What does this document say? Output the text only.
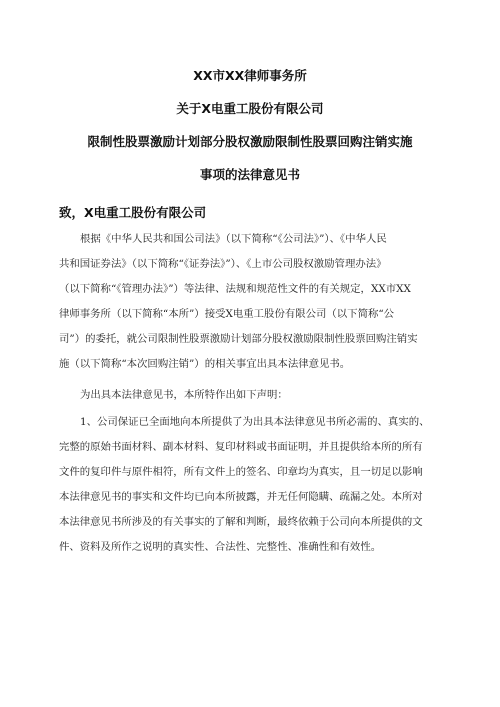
XX市XX律师事务所
关于X电重工股份有限公司
限制性股票激励计划部分股权激励限制性股票回购注销实施
事项的法律意见书
致，X电重工股份有限公司
根据《中华人民共和国公司法》（以下简称“《公司法》”）、《中华人民
共和国证券法》（以下简称“《证券法》”）、《上市公司股权激励管理办法》
（以下简称“《管理办法》”）等法律、法规和规范性文件的有关规定，XX市XX
律师事务所（以下简称“本所”）接受X电重工股份有限公司（以下简称“公
司”）的委托，就公司限制性股票激励计划部分股权激励限制性股票回购注销实
施（以下简称“本次回购注销”）的相关事宜出具本法律意见书。
为出具本法律意见书，本所特作出如下声明：
1、公司保证已全面地向本所提供了为出具本法律意见书所必需的、真实的、
完整的原始书面材料、副本材料、复印材料或书面证明，并且提供给本所的所有
文件的复印件与原件相符，所有文件上的签名、印章均为真实，且一切足以影响
本法律意见书的事实和文件均已向本所披露，并无任何隐瞒、疏漏之处。本所对
本法律意见书所涉及的有关事实的了解和判断，最终依赖于公司向本所提供的文
件、资料及所作之说明的真实性、合法性、完整性、准确性和有效性。
